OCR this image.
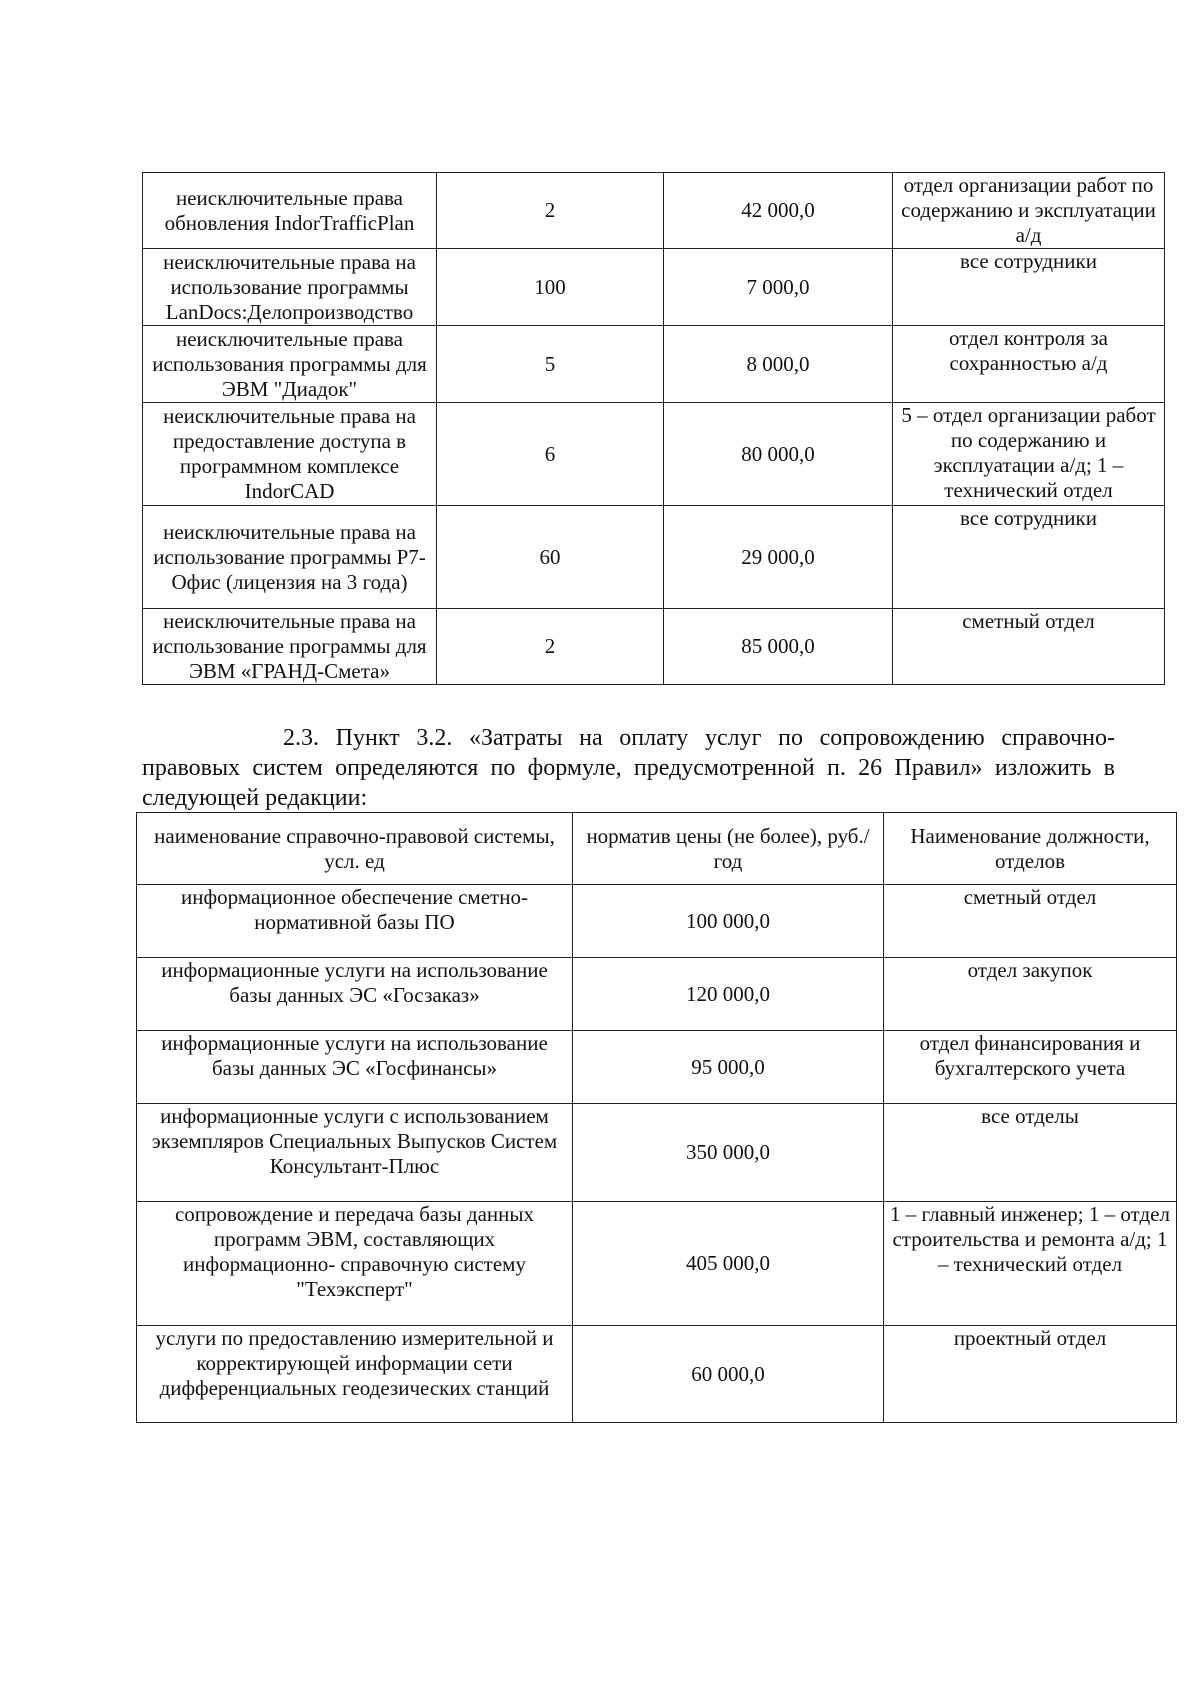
неисключительные права обновления IndorTrafficPlan	2	42 000,0	отдел организации работ по содержанию и эксплуатации а/д
неисключительные права на использование программы LanDocs:Делопроизводство	100	7 000,0	все сотрудники
неисключительные права использования программы для ЭВМ "Диадок"	5	8 000,0	отдел контроля за сохранностью а/д
неисключительные права на предоставление доступа в программном комплексе IndorCAD	6	80 000,0	5 – отдел организации работ по содержанию и эксплуатации а/д; 1 – технический отдел
неисключительные права на использование программы Р7-Офис (лицензия на 3 года)	60	29 000,0	все сотрудники
неисключительные права на использование программы для ЭВМ «ГРАНД-Смета»	2	85 000,0	сметный отдел
2.3. Пункт 3.2. «Затраты на оплату услуг по сопровождению справочно-
правовых систем определяются по формуле, предусмотренной п. 26 Правил» изложить в
следующей редакции:
наименование справочно-правовой системы, усл. ед	норматив цены (не более), руб./год	Наименование должности, отделов
информационное обеспечение сметно-нормативной базы ПО	100 000,0	сметный отдел
информационные услуги на использование базы данных ЭС «Госзаказ»	120 000,0	отдел закупок
информационные услуги на использование базы данных ЭС «Госфинансы»	95 000,0	отдел финансирования и бухгалтерского учета
информационные услуги с использованием экземпляров Специальных Выпусков Систем Консультант-Плюс	350 000,0	все отделы
сопровождение и передача базы данных программ ЭВМ, составляющих информационно- справочную систему "Техэксперт"	405 000,0	1 – главный инженер; 1 – отдел строительства и ремонта а/д; 1 – технический отдел
услуги по предоставлению измерительной и корректирующей информации сети дифференциальных геодезических станций	60 000,0	проектный отдел
